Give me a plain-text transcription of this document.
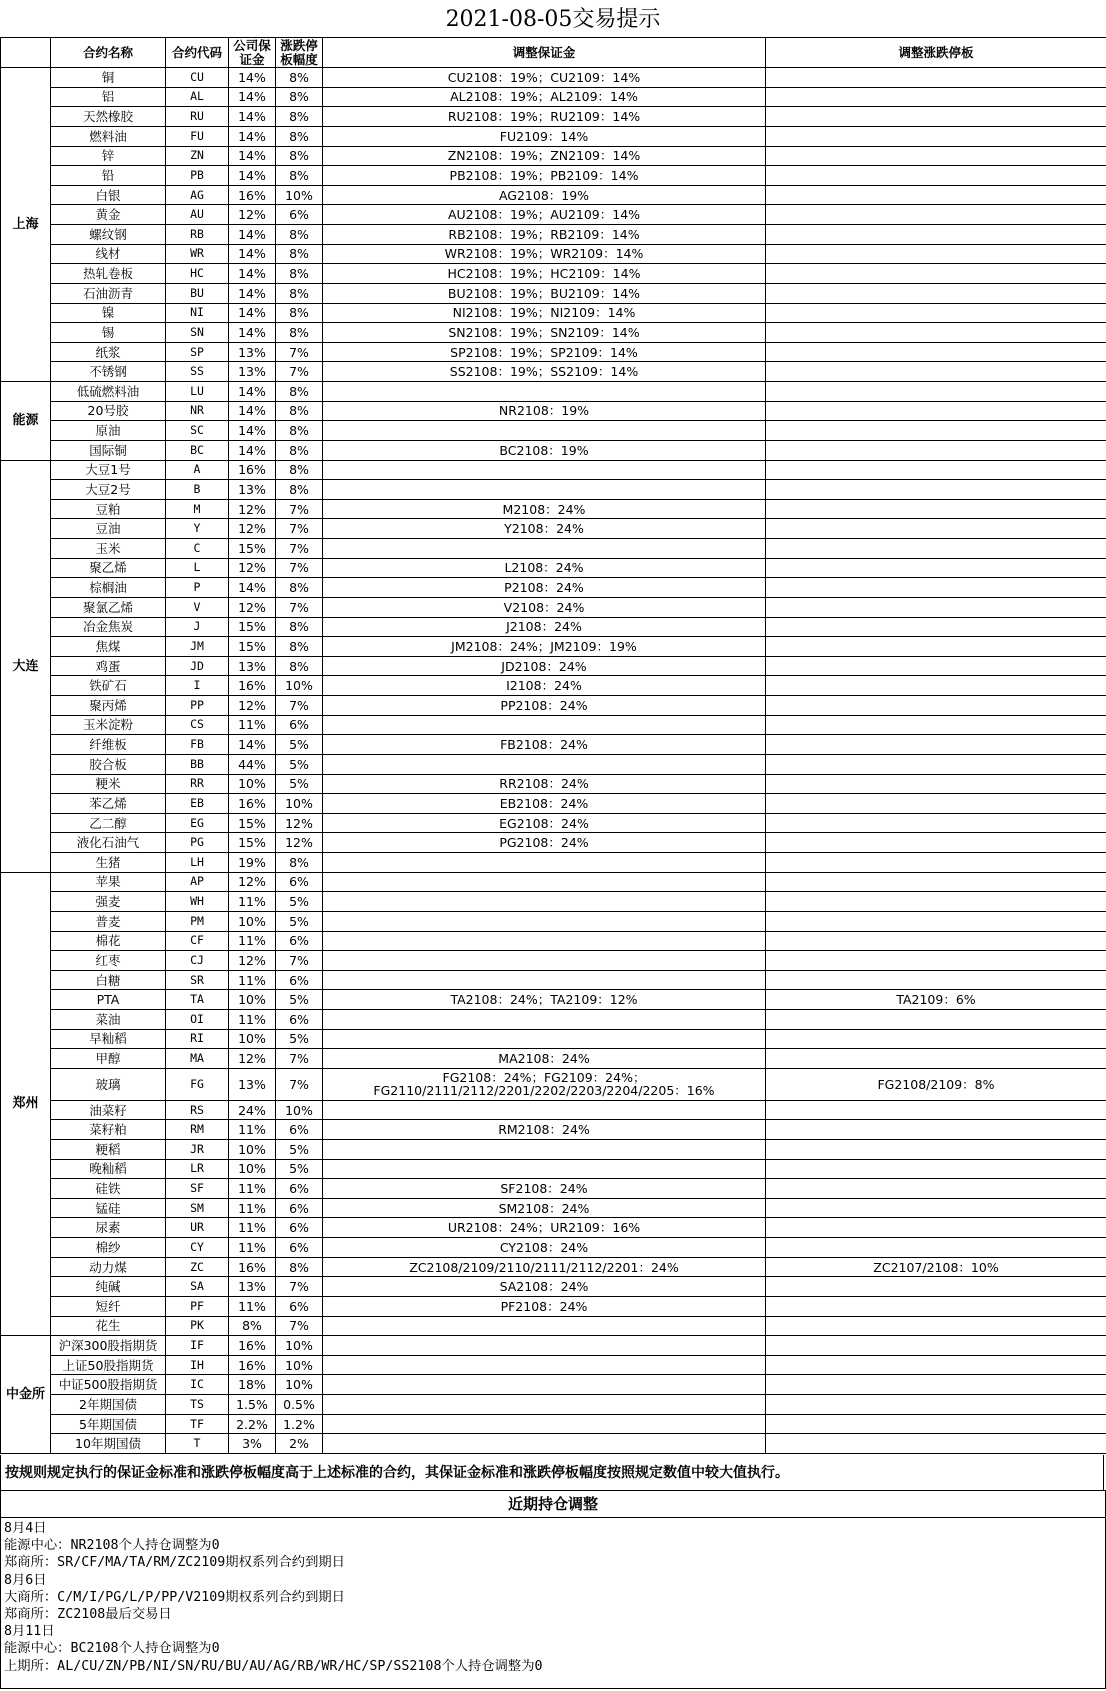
2021-08-05交易提示
	合约名称	合约代码	公司保证金	涨跌停板幅度	调整保证金	调整涨跌停板
上海	铜	CU	14%	8%	CU2108：19%；CU2109：14%	
	铝	AL	14%	8%	AL2108：19%；AL2109：14%	
	天然橡胶	RU	14%	8%	RU2108：19%；RU2109：14%	
	燃料油	FU	14%	8%	FU2109：14%	
	锌	ZN	14%	8%	ZN2108：19%；ZN2109：14%	
	铅	PB	14%	8%	PB2108：19%；PB2109：14%	
	白银	AG	16%	10%	AG2108：19%	
	黄金	AU	12%	6%	AU2108：19%；AU2109：14%	
	螺纹钢	RB	14%	8%	RB2108：19%；RB2109：14%	
	线材	WR	14%	8%	WR2108：19%；WR2109：14%	
	热轧卷板	HC	14%	8%	HC2108：19%；HC2109：14%	
	石油沥青	BU	14%	8%	BU2108：19%；BU2109：14%	
	镍	NI	14%	8%	NI2108：19%；NI2109：14%	
	锡	SN	14%	8%	SN2108：19%；SN2109：14%	
	纸浆	SP	13%	7%	SP2108：19%；SP2109：14%	
	不锈钢	SS	13%	7%	SS2108：19%；SS2109：14%	
能源	低硫燃料油	LU	14%	8%		
	20号胶	NR	14%	8%	NR2108：19%	
	原油	SC	14%	8%		
	国际铜	BC	14%	8%	BC2108：19%	
大连	大豆1号	A	16%	8%		
	大豆2号	B	13%	8%		
	豆粕	M	12%	7%	M2108：24%	
	豆油	Y	12%	7%	Y2108：24%	
	玉米	C	15%	7%		
	聚乙烯	L	12%	7%	L2108：24%	
	棕榈油	P	14%	8%	P2108：24%	
	聚氯乙烯	V	12%	7%	V2108：24%	
	冶金焦炭	J	15%	8%	J2108：24%	
	焦煤	JM	15%	8%	JM2108：24%；JM2109：19%	
	鸡蛋	JD	13%	8%	JD2108：24%	
	铁矿石	I	16%	10%	I2108：24%	
	聚丙烯	PP	12%	7%	PP2108：24%	
	玉米淀粉	CS	11%	6%		
	纤维板	FB	14%	5%	FB2108：24%	
	胶合板	BB	44%	5%		
	粳米	RR	10%	5%	RR2108：24%	
	苯乙烯	EB	16%	10%	EB2108：24%	
	乙二醇	EG	15%	12%	EG2108：24%	
	液化石油气	PG	15%	12%	PG2108：24%	
	生猪	LH	19%	8%		
郑州	苹果	AP	12%	6%		
	强麦	WH	11%	5%		
	普麦	PM	10%	5%		
	棉花	CF	11%	6%		
	红枣	CJ	12%	7%		
	白糖	SR	11%	6%		
	PTA	TA	10%	5%	TA2108：24%；TA2109：12%	TA2109：6%
	菜油	OI	11%	6%		
	早籼稻	RI	10%	5%		
	甲醇	MA	12%	7%	MA2108：24%	
	玻璃	FG	13%	7%	FG2108：24%；FG2109：24%；
FG2110/2111/2112/2201/2202/2203/2204/2205：16%	FG2108/2109：8%
	油菜籽	RS	24%	10%		
	菜籽粕	RM	11%	6%	RM2108：24%	
	粳稻	JR	10%	5%		
	晚籼稻	LR	10%	5%		
	硅铁	SF	11%	6%	SF2108：24%	
	锰硅	SM	11%	6%	SM2108：24%	
	尿素	UR	11%	6%	UR2108：24%；UR2109：16%	
	棉纱	CY	11%	6%	CY2108：24%	
	动力煤	ZC	16%	8%	ZC2108/2109/2110/2111/2112/2201：24%	ZC2107/2108：10%
	纯碱	SA	13%	7%	SA2108：24%	
	短纤	PF	11%	6%	PF2108：24%	
	花生	PK	8%	7%		
中金所	沪深300股指期货	IF	16%	10%		
	上证50股指期货	IH	16%	10%		
	中证500股指期货	IC	18%	10%		
	2年期国债	TS	1.5%	0.5%		
	5年期国债	TF	2.2%	1.2%		
	10年期国债	T	3%	2%		
按规则规定执行的保证金标准和涨跌停板幅度高于上述标准的合约，其保证金标准和涨跌停板幅度按照规定数值中较大值执行。
近期持仓调整
8月4日
能源中心：NR2108个人持仓调整为0
郑商所：SR/CF/MA/TA/RM/ZC2109期权系列合约到期日
8月6日
大商所：C/M/I/PG/L/P/PP/V2109期权系列合约到期日
郑商所：ZC2108最后交易日
8月11日
能源中心：BC2108个人持仓调整为0
上期所：AL/CU/ZN/PB/NI/SN/RU/BU/AU/AG/RB/WR/HC/SP/SS2108个人持仓调整为0
